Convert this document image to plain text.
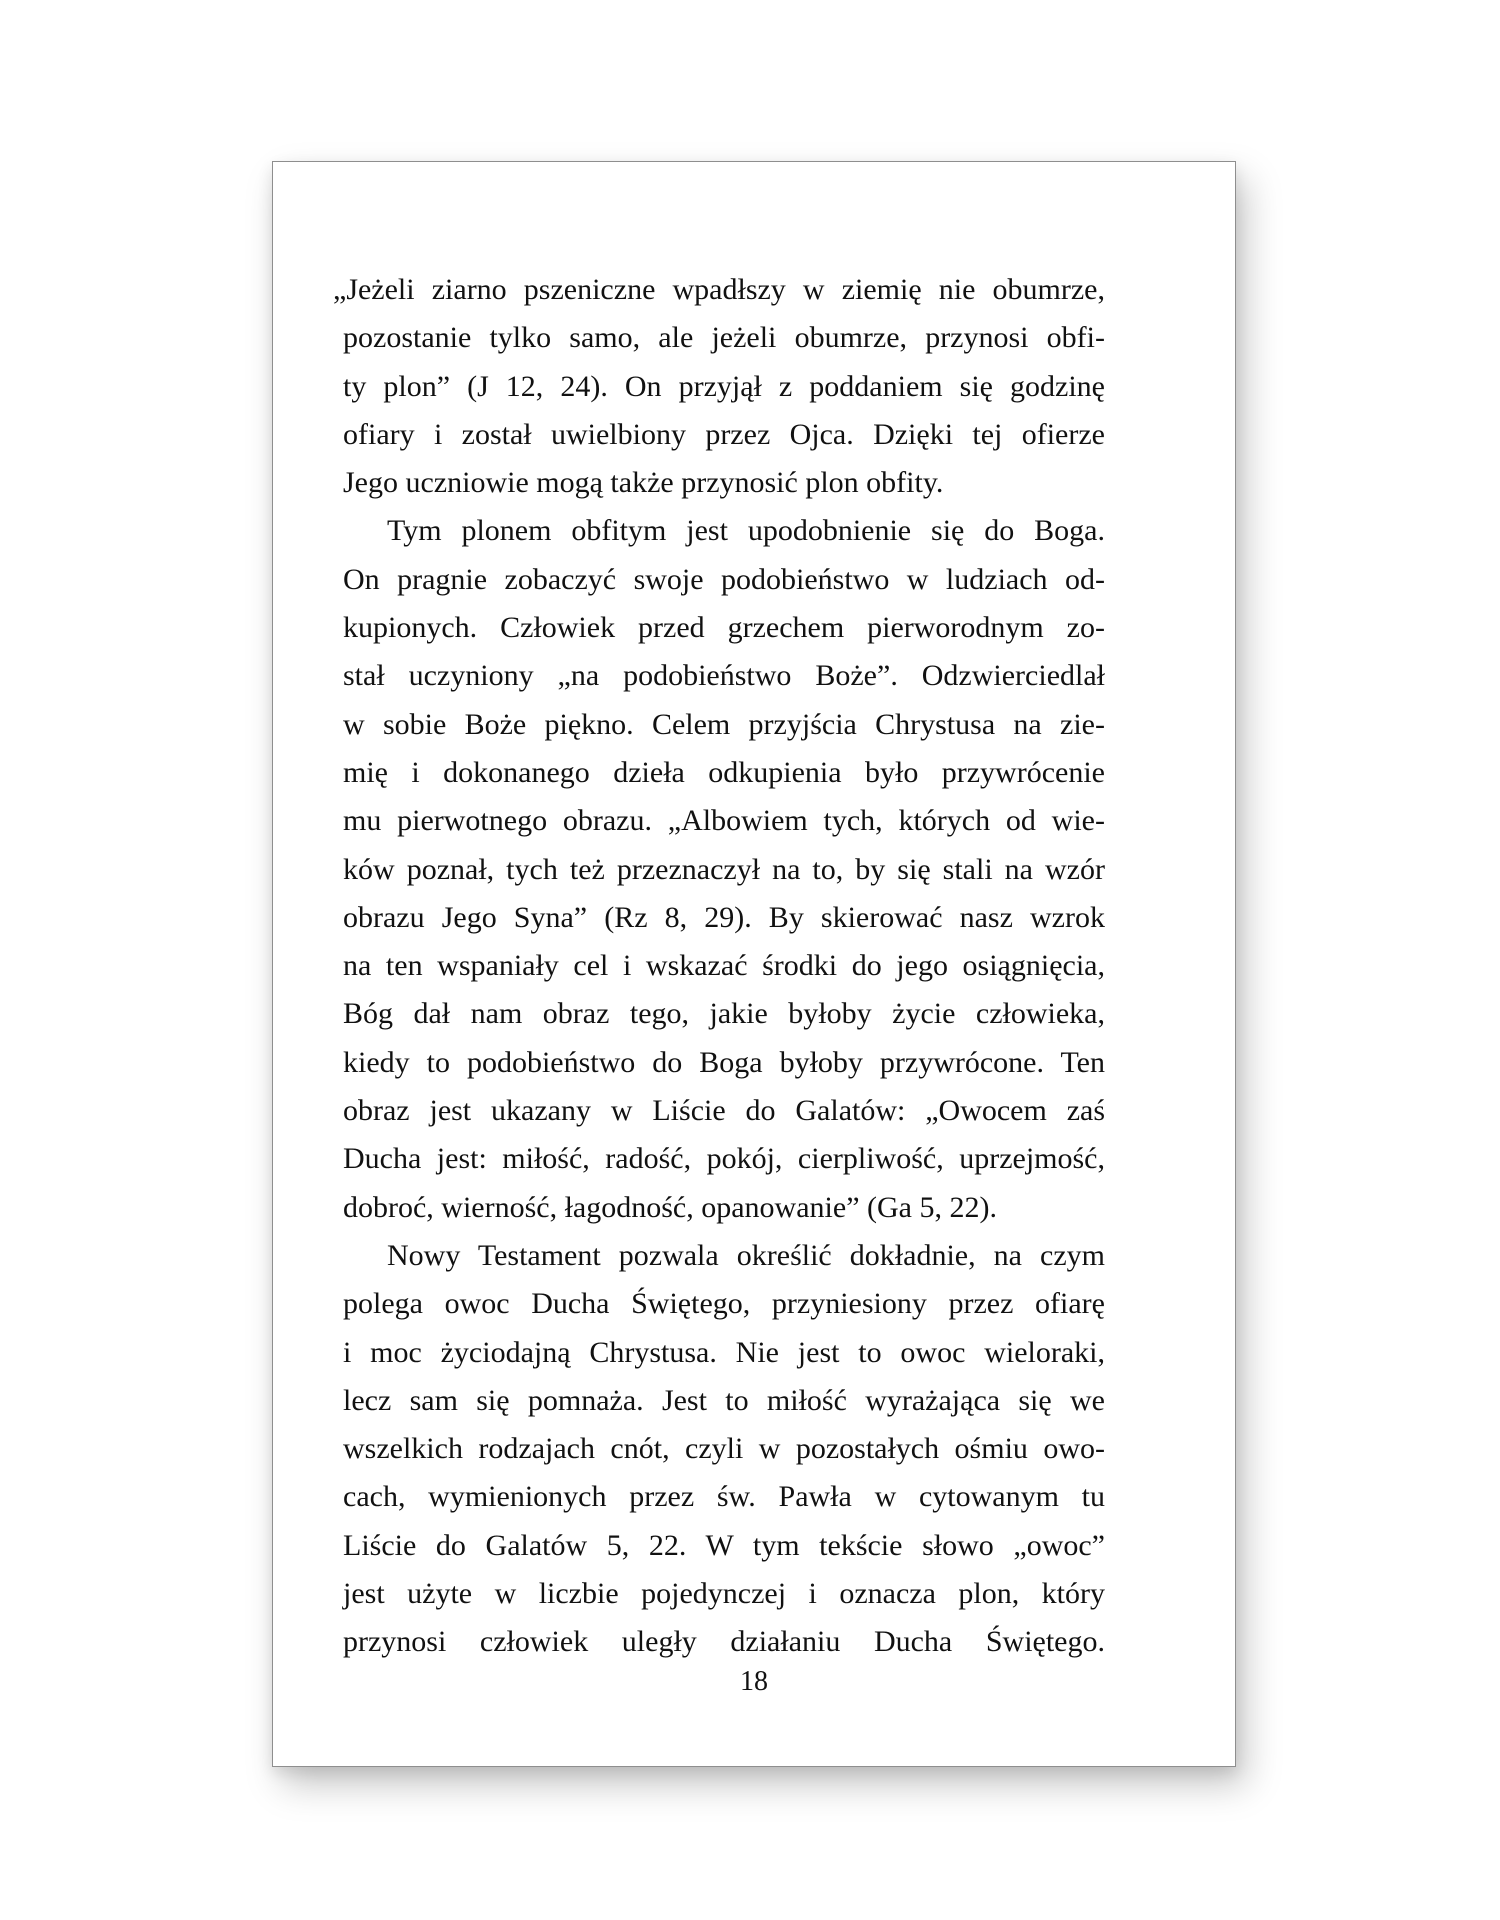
„Jeżeli ziarno pszeniczne wpadłszy w ziemię nie obumrze,
pozostanie tylko samo, ale jeżeli obumrze, przynosi obfi-
ty plon” (J 12, 24). On przyjął z poddaniem się godzinę
ofiary i został uwielbiony przez Ojca. Dzięki tej ofierze
Jego uczniowie mogą także przynosić plon obfity.
Tym plonem obfitym jest upodobnienie się do Boga.
On pragnie zobaczyć swoje podobieństwo w ludziach od-
kupionych. Człowiek przed grzechem pierworodnym zo-
stał uczyniony „na podobieństwo Boże”. Odzwierciedlał
w sobie Boże piękno. Celem przyjścia Chrystusa na zie-
mię i dokonanego dzieła odkupienia było przywrócenie
mu pierwotnego obrazu. „Albowiem tych, których od wie-
ków poznał, tych też przeznaczył na to, by się stali na wzór
obrazu Jego Syna” (Rz 8, 29). By skierować nasz wzrok
na ten wspaniały cel i wskazać środki do jego osiągnięcia,
Bóg dał nam obraz tego, jakie byłoby życie człowieka,
kiedy to podobieństwo do Boga byłoby przywrócone. Ten
obraz jest ukazany w Liście do Galatów: „Owocem zaś
Ducha jest: miłość, radość, pokój, cierpliwość, uprzejmość,
dobroć, wierność, łagodność, opanowanie” (Ga 5, 22).
Nowy Testament pozwala określić dokładnie, na czym
polega owoc Ducha Świętego, przyniesiony przez ofiarę
i moc życiodajną Chrystusa. Nie jest to owoc wieloraki,
lecz sam się pomnaża. Jest to miłość wyrażająca się we
wszelkich rodzajach cnót, czyli w pozostałych ośmiu owo-
cach, wymienionych przez św. Pawła w cytowanym tu
Liście do Galatów 5, 22. W tym tekście słowo „owoc”
jest użyte w liczbie pojedynczej i oznacza plon, który
przynosi człowiek uległy działaniu Ducha Świętego.
18
